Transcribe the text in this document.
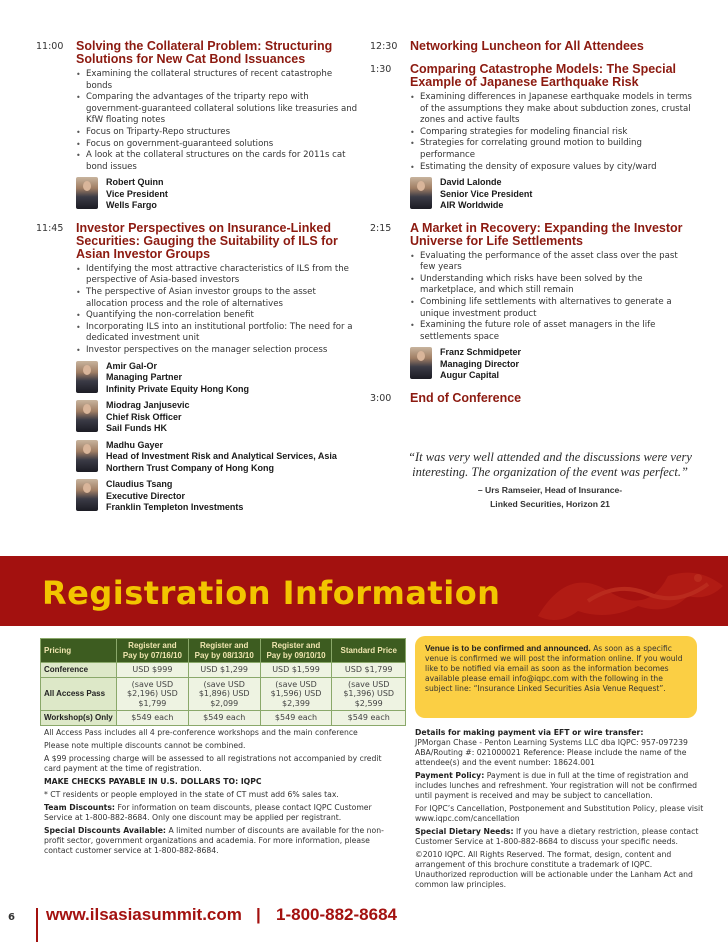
11:00	Solving the Collateral Problem: Structuring Solutions for New Cat Bond Issuances
• Examining the collateral structures of recent catastrophe bonds
• Comparing the advantages of the triparty repo with government-guaranteed collateral solutions like treasuries and KfW floating notes
• Focus on Triparty-Repo structures
• Focus on government-guaranteed solutions
• A look at the collateral structures on the cards for 2011s cat bond issues
Robert Quinn
Vice President
Wells Fargo
11:45	Investor Perspectives on Insurance-Linked Securities: Gauging the Suitability of ILS for Asian Investor Groups
• Identifying the most attractive characteristics of ILS from the perspective of Asia-based investors
• The perspective of Asian investor groups to the asset allocation process and the role of alternatives
• Quantifying the non-correlation benefit
• Incorporating ILS into an institutional portfolio: The need for a dedicated investment unit
• Investor perspectives on the manager selection process
Amir Gal-Or
Managing Partner
Infinity Private Equity Hong Kong
Miodrag Janjusevic
Chief Risk Officer
Sail Funds HK
Madhu Gayer
Head of Investment Risk and Analytical Services, Asia
Northern Trust Company of Hong Kong
Claudius Tsang
Executive Director
Franklin Templeton Investments
12:30	Networking Luncheon for All Attendees
1:30	Comparing Catastrophe Models: The Special Example of Japanese Earthquake Risk
• Examining differences in Japanese earthquake models in terms of the assumptions they make about subduction zones, crustal zones and active faults
• Comparing strategies for modeling financial risk
• Strategies for correlating ground motion to building performance
• Estimating the density of exposure values by city/ward
David Lalonde
Senior Vice President
AIR Worldwide
2:15	A Market in Recovery: Expanding the Investor Universe for Life Settlements
• Evaluating the performance of the asset class over the past few years
• Understanding which risks have been solved by the marketplace, and which still remain
• Combining life settlements with alternatives to generate a unique investment product
• Examining the future role of asset managers in the life settlements space
Franz Schmidpeter
Managing Director
Augur Capital
3:00	End of Conference
“It was very well attended and the discussions were very interesting. The organization of the event was perfect.”
– Urs Ramseier, Head of Insurance-
Linked Securities, Horizon 21
Registration Information
Pricing	Register and Pay by 07/16/10	Register and Pay by 08/13/10	Register and Pay by 09/10/10	Standard Price
Conference	USD $999	USD $1,299	USD $1,599	USD $1,799
All Access Pass	(save USD $2,196) USD $1,799	(save USD $1,896) USD $2,099	(save USD $1,596) USD $2,399	(save USD $1,396) USD $2,599
Workshop(s) Only	$549 each	$549 each	$549 each	$549 each
Venue is to be confirmed and announced. As soon as a specific venue is confirmed we will post the information online. If you would like to be notified via email as soon as the information becomes available please email info@iqpc.com with the following in the subject line: “Insurance Linked Securities Asia Venue Request”.

All Access Pass includes all 4 pre-conference workshops and the main conference

Please note multiple discounts cannot be combined.

A $99 processing charge will be assessed to all registrations not accompanied by credit card payment at the time of registration.

MAKE CHECKS PAYABLE IN U.S. DOLLARS TO: IQPC

* CT residents or people employed in the state of CT must add 6% sales tax.

Team Discounts: For information on team discounts, please contact IQPC Customer Service at 1-800-882-8684. Only one discount may be applied per registrant.

Special Discounts Available: A limited number of discounts are available for the non-profit sector, government organizations and academia. For more information, please contact customer service at 1-800-882-8684.

Details for making payment via EFT or wire transfer:
JPMorgan Chase - Penton Learning Systems LLC dba IQPC: 957-097239 ABA/Routing #: 021000021 Reference: Please include the name of the attendee(s) and the event number: 18624.001

Payment Policy: Payment is due in full at the time of registration and includes lunches and refreshment. Your registration will not be confirmed until payment is received and may be subject to cancellation.

For IQPC’s Cancellation, Postponement and Substitution Policy, please visit www.iqpc.com/cancellation

Special Dietary Needs: If you have a dietary restriction, please contact Customer Service at 1-800-882-8684 to discuss your specific needs.

©2010 IQPC. All Rights Reserved. The format, design, content and arrangement of this brochure constitute a trademark of IQPC. Unauthorized reproduction will be actionable under the Lanham Act and common law principles.

6 www.ilsasiasummit.com | 1-800-882-8684
